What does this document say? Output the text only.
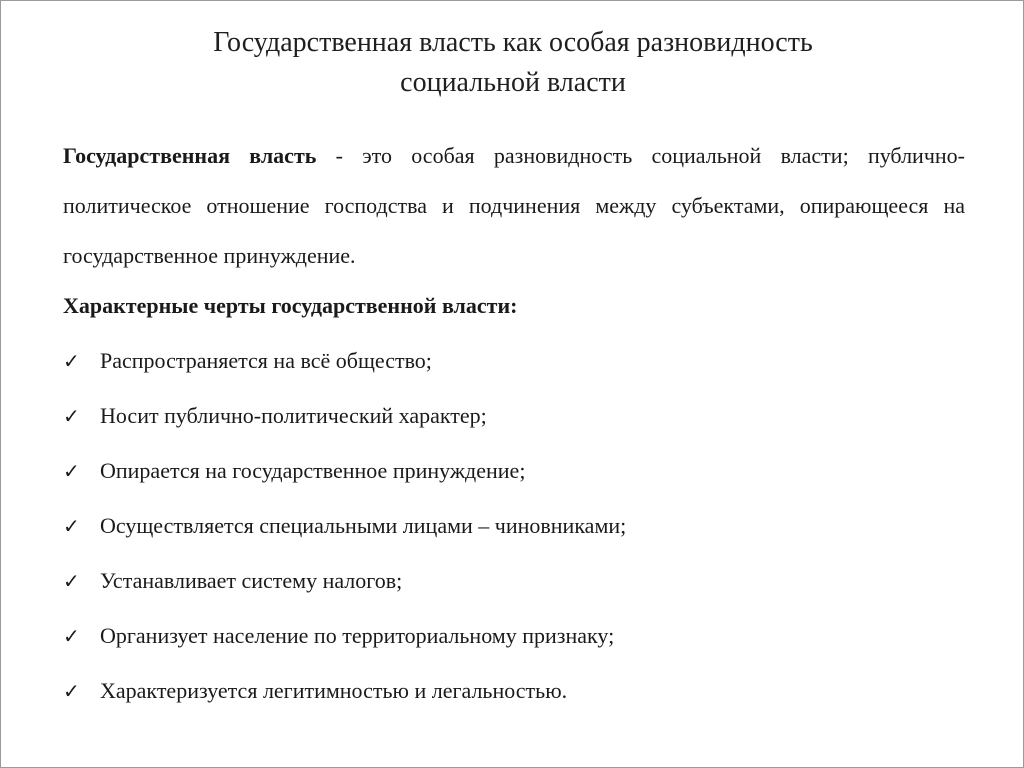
Государственная власть как особая разновидность
социальной власти
Государственная власть - это особая разновидность социальной власти; публично-политическое отношение господства и подчинения между субъектами, опирающееся на государственное принуждение.
Характерные черты государственной власти:
✓ Распространяется на всё общество;
✓ Носит публично-политический характер;
✓ Опирается на государственное принуждение;
✓ Осуществляется специальными лицами – чиновниками;
✓ Устанавливает систему налогов;
✓ Организует население по территориальному признаку;
✓ Характеризуется легитимностью и легальностью.
